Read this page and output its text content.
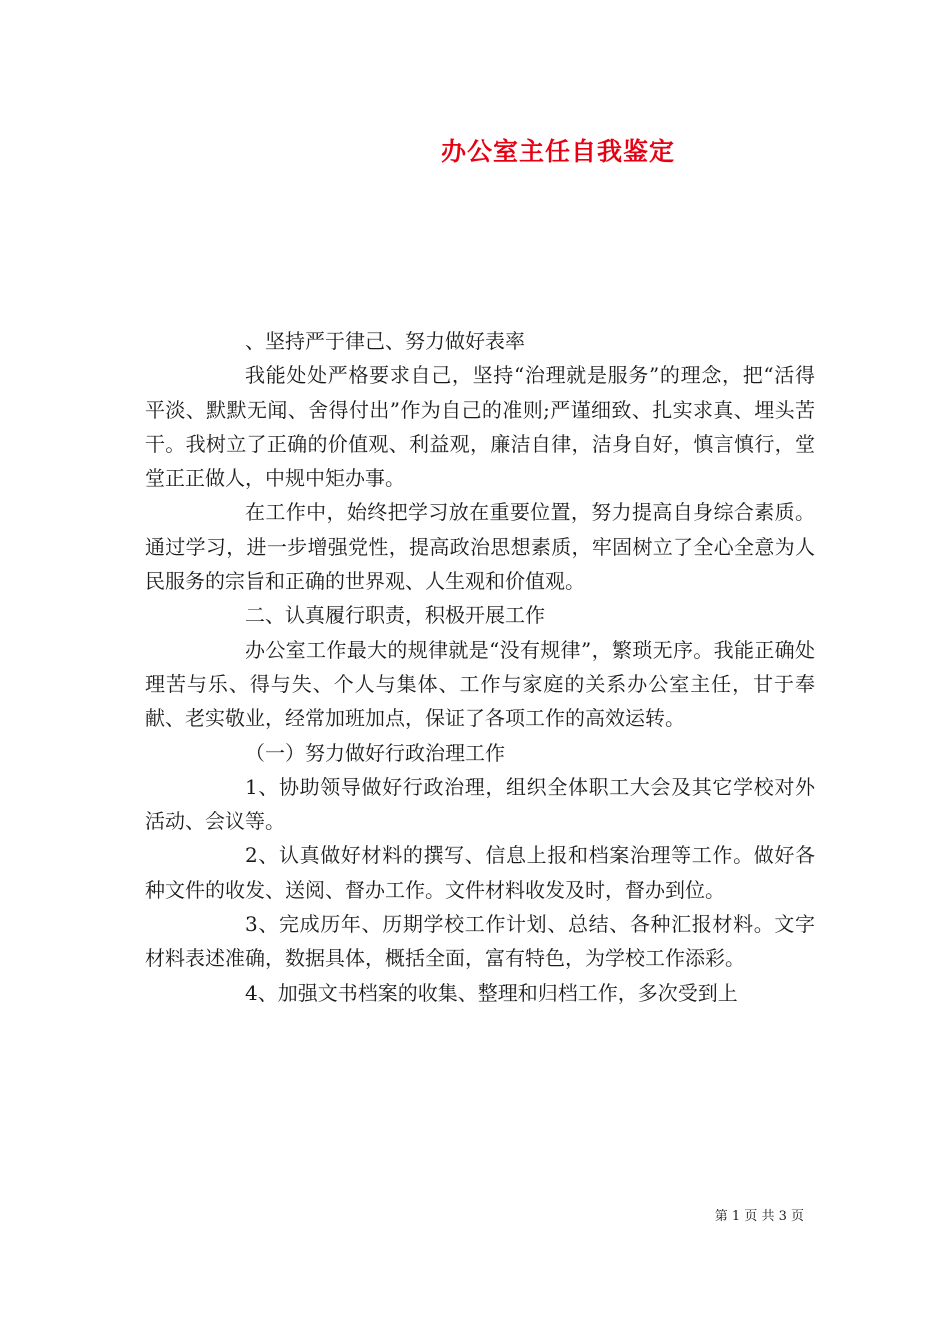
办公室主任自我鉴定

、坚持严于律己、努力做好表率

我能处处严格要求自己，坚持“治理就是服务”的理念，把“活得平淡、默默无闻、舍得付出”作为自己的准则;严谨细致、扎实求真、埋头苦干。我树立了正确的价值观、利益观，廉洁自律，洁身自好，慎言慎行，堂堂正正做人，中规中矩办事。

在工作中，始终把学习放在重要位置，努力提高自身综合素质。通过学习，进一步增强党性，提高政治思想素质，牢固树立了全心全意为人民服务的宗旨和正确的世界观、人生观和价值观。

二、认真履行职责，积极开展工作

办公室工作最大的规律就是“没有规律”，繁琐无序。我能正确处理苦与乐、得与失、个人与集体、工作与家庭的关系办公室主任，甘于奉献、老实敬业，经常加班加点，保证了各项工作的高效运转。

（一）努力做好行政治理工作

1、协助领导做好行政治理，组织全体职工大会及其它学校对外活动、会议等。

2、认真做好材料的撰写、信息上报和档案治理等工作。做好各种文件的收发、送阅、督办工作。文件材料收发及时，督办到位。

3、完成历年、历期学校工作计划、总结、各种汇报材料。文字材料表述准确，数据具体，概括全面，富有特色，为学校工作添彩。

4、加强文书档案的收集、整理和归档工作，多次受到上

第 1 页 共 3 页
